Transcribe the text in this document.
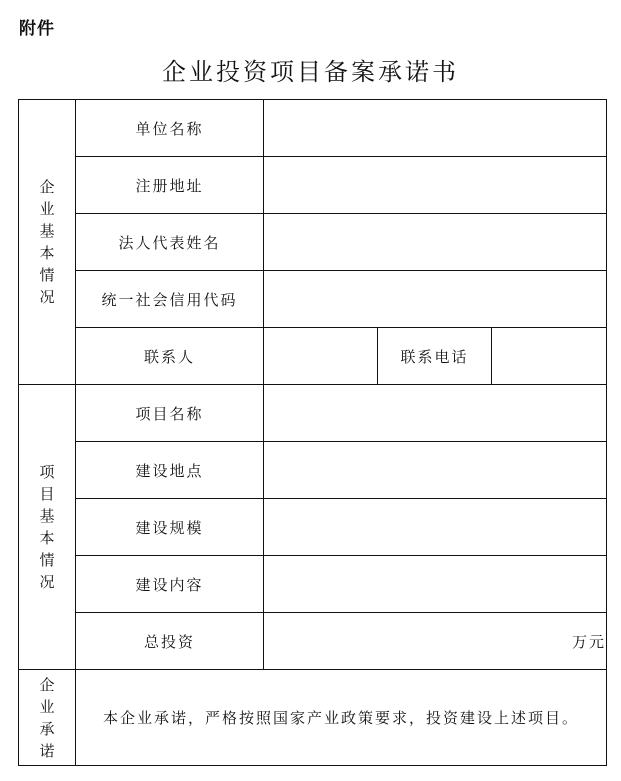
附件
企业投资项目备案承诺书
企业基本情况	单位名称			
	注册地址			
	法人代表姓名			
	统一社会信用代码			
	联系人		联系电话	
项目基本情况	项目名称			
	建设地点			
	建设规模			
	建设内容			
	总投资	万元		
企业承诺	本企业承诺，严格按照国家产业政策要求，投资建设上述项目。			
